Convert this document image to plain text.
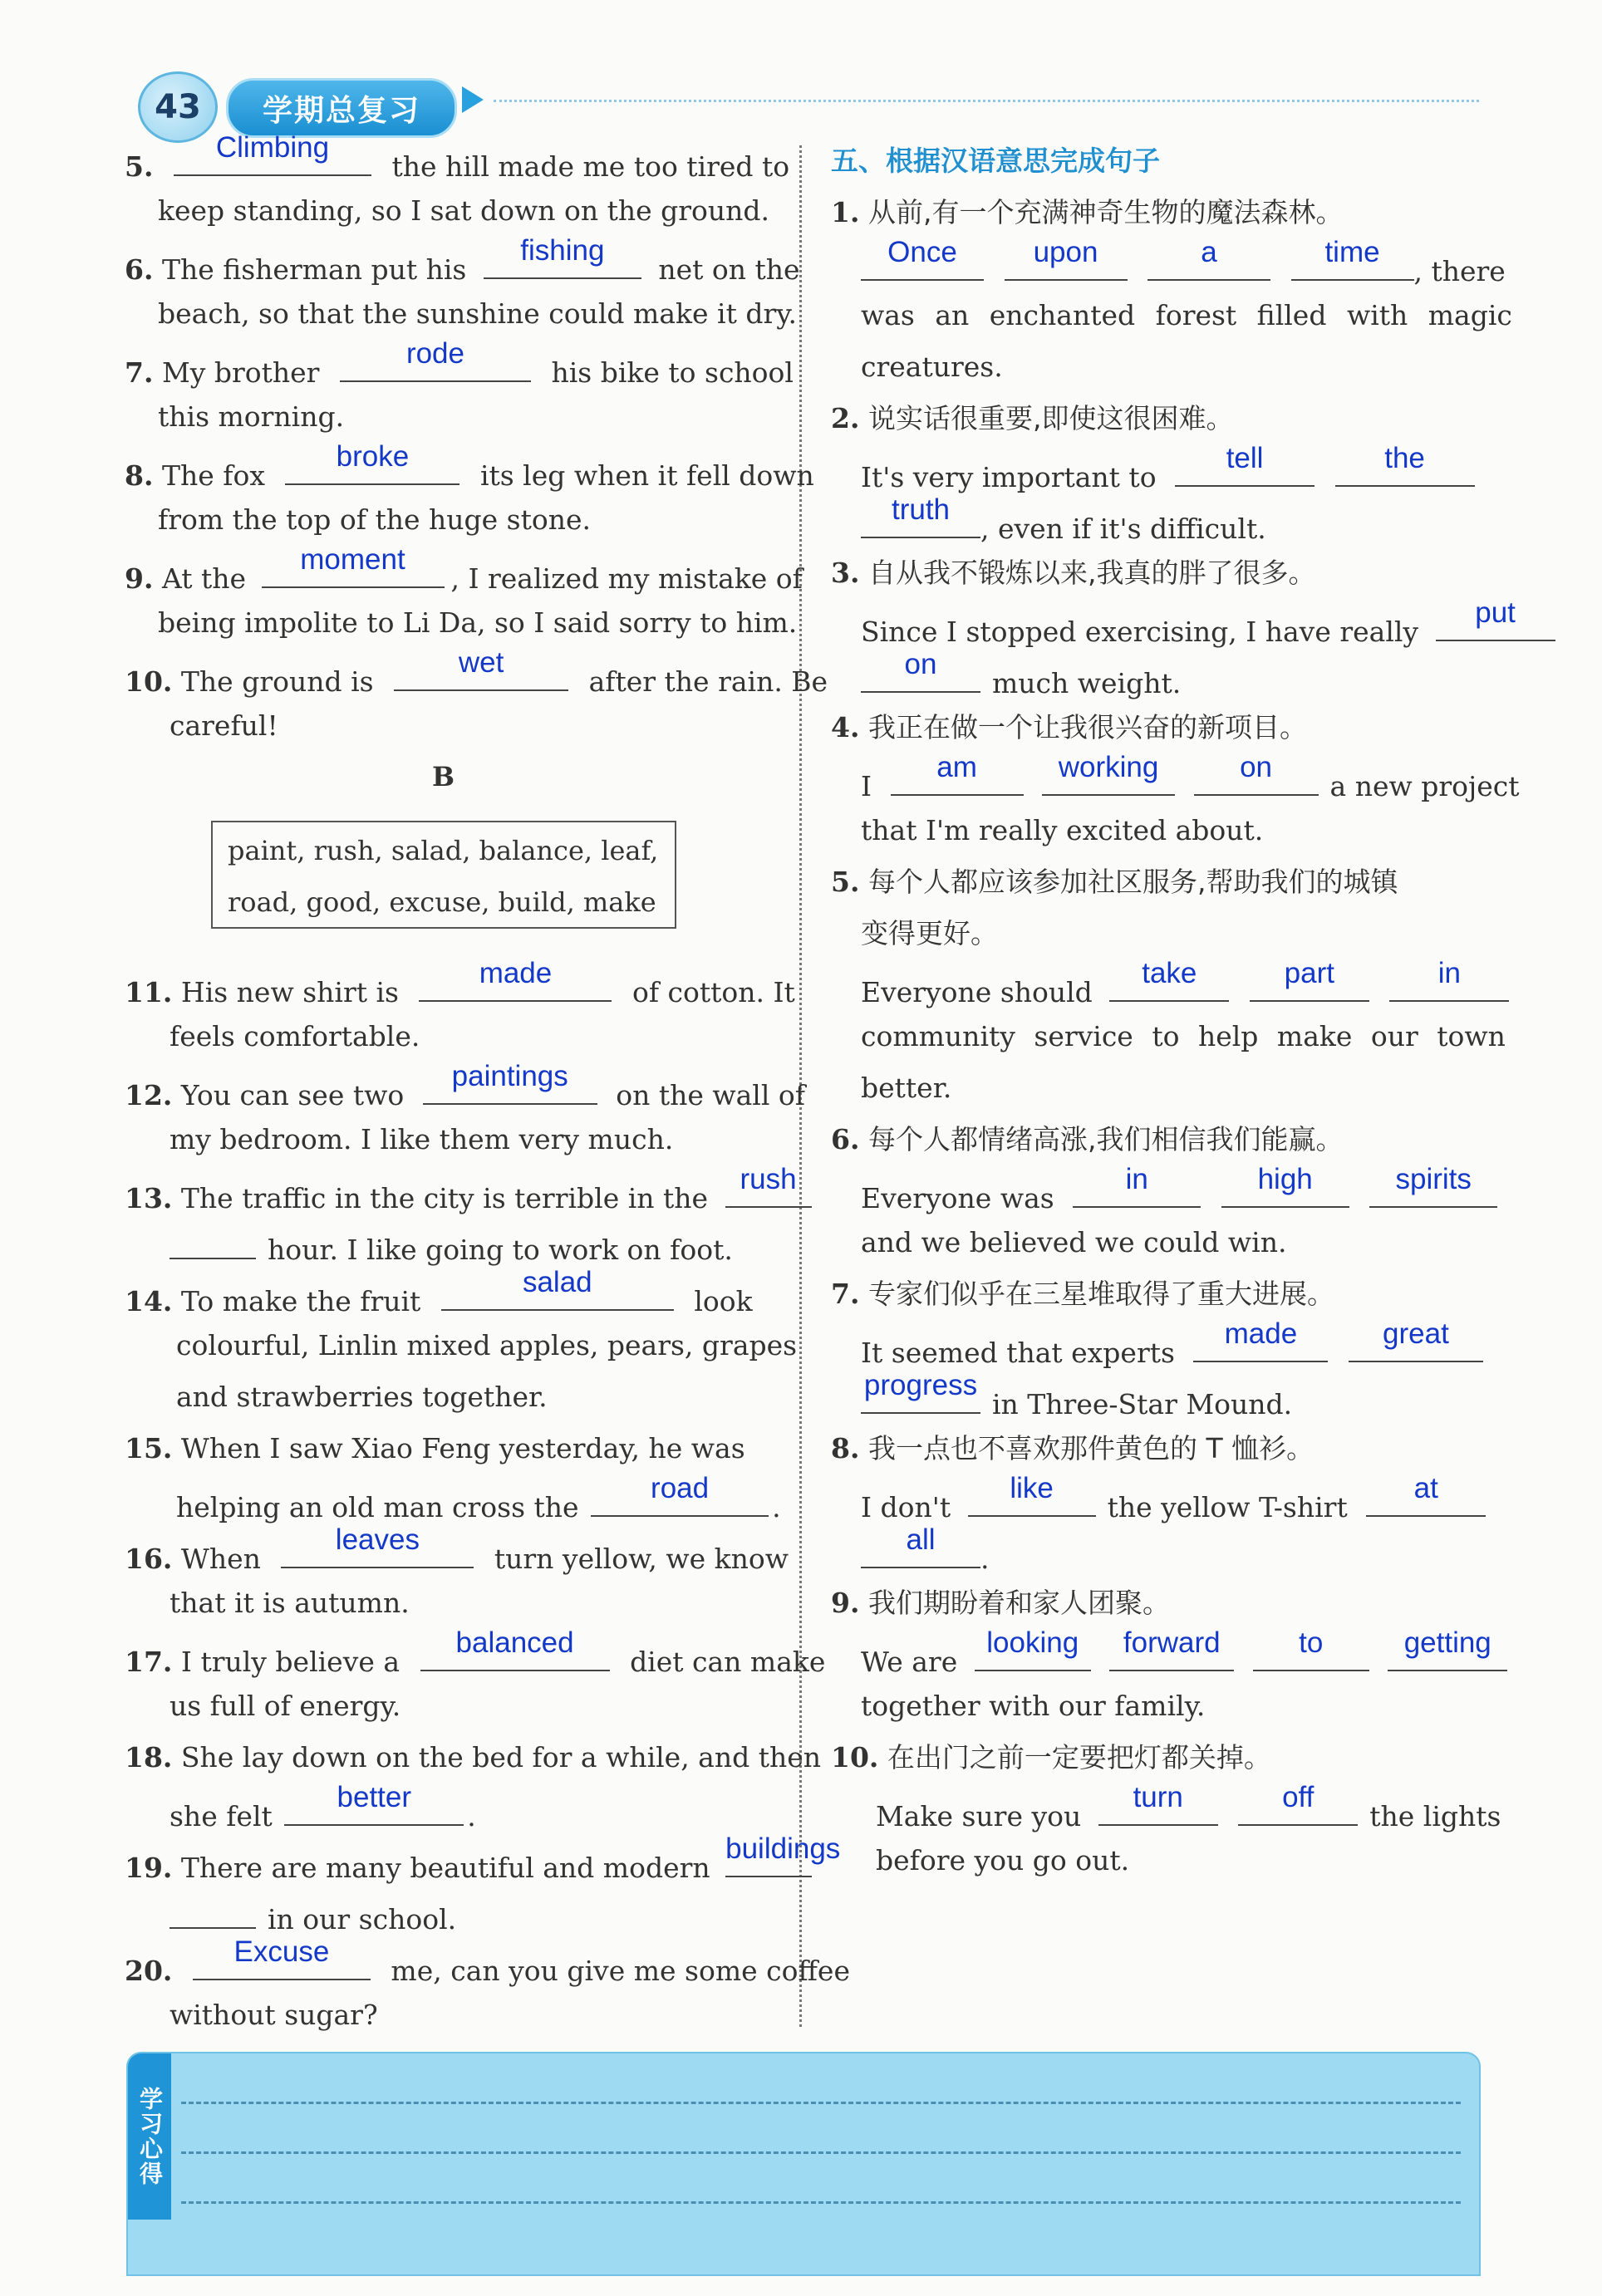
43	学期总复习
5.
Climbing
the hill made me too tired to
keep standing, so I sat down on the ground.
6. The fisherman put his
fishing
net on the
beach, so that the sunshine could make it dry.
7. My brother
rode
his bike to school
this morning.
8. The fox
broke
its leg when it fell down
from the top of the huge stone.
9. At the
moment
, I realized my mistake of
being impolite to Li Da, so I said sorry to him.
10. The ground is
wet
after the rain. Be
careful!
B
paint, rush, salad, balance, leaf,
road, good, excuse, build, make
11. His new shirt is
made
of cotton. It
feels comfortable.
12. You can see two
paintings
on the wall of
my bedroom. I like them very much.
13. The traffic in the city is terrible in the
rush
hour. I like going to work on foot.
14. To make the fruit
salad
look
colourful, Linlin mixed apples, pears, grapes
and strawberries together.
15. When I saw Xiao Feng yesterday, he was
helping an old man cross the
road
.
16. When
leaves
turn yellow, we know
that it is autumn.
17. I truly believe a
balanced
diet can make
us full of energy.
18. She lay down on the bed for a while, and then
she felt
better
.
19. There are many beautiful and modern
buildings
in our school.
20.
Excuse
me, can you give me some coffee
without sugar?
五、根据汉语意思完成句子
1. 从前,有一个充满神奇生物的魔法森林。
Once
	upon
	a
	time
, there
was an enchanted forest filled with magic
creatures.
2. 说实话很重要,即使这很困难。
It's very important to
tell
	the
truth
, even if it's difficult.
3. 自从我不锻炼以来,我真的胖了很多。
Since I stopped exercising, I have really
put
on
much weight.
4. 我正在做一个让我很兴奋的新项目。
I
am
	working
	on
a new project
that I'm really excited about.
5. 每个人都应该参加社区服务,帮助我们的城镇
变得更好。
Everyone should
take
	part
	in
community service to help make our town
better.
6. 每个人都情绪高涨,我们相信我们能赢。
Everyone was
in
	high
	spirits
and we believed we could win.
7. 专家们似乎在三星堆取得了重大进展。
It seemed that experts
made
	great
progress
in Three-Star Mound.
8. 我一点也不喜欢那件黄色的 T 恤衫。
I don't
like
the yellow T-shirt
at
all
.
9. 我们期盼着和家人团聚。
We are
looking
	forward
	to
	getting
together with our family.
10. 在出门之前一定要把灯都关掉。
Make sure you
turn
	off
the lights
before you go out.
学习心得
